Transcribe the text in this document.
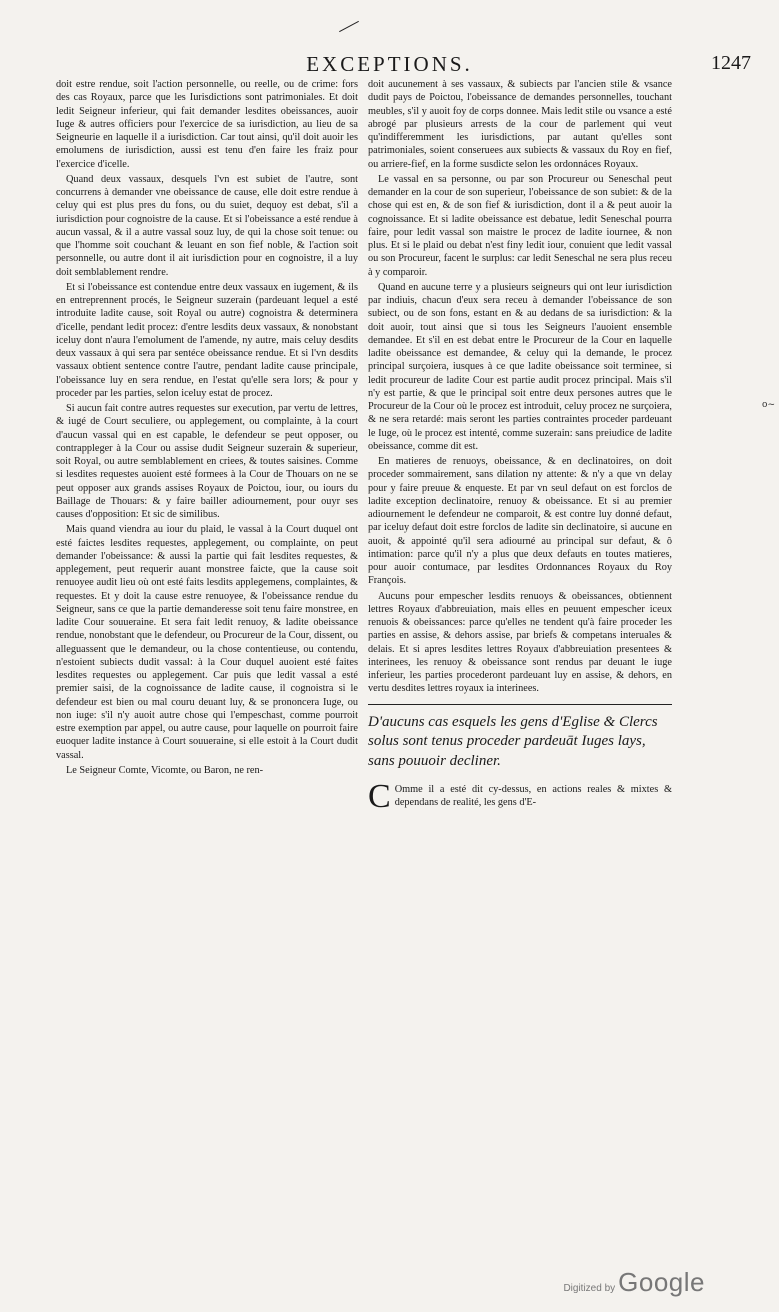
EXCEPTIONS.	1247

doit estre rendue, soit l'action personnelle, ou reelle, ou de crime: fors des cas Royaux, parce que les Iurisdictions sont patrimoniales. Et doit ledit Seigneur inferieur, qui fait demander lesdites obeissances, auoir Iuge & autres officiers pour l'exercice de sa iurisdiction, au lieu de sa Seigneurie en laquelle il a iurisdiction. Car tout ainsi, qu'il doit auoir les emolumens de iurisdiction, aussi est tenu d'en faire les fraiz pour l'exercice d'icelle.

Quand deux vassaux, desquels l'vn est subiet de l'autre, sont concurrens à demander vne obeissance de cause, elle doit estre rendue à celuy qui est plus pres du fons, ou du suiet, dequoy est debat, s'il a iurisdiction pour cognoistre de la cause. Et si l'obeissance a esté rendue à aucun vassal, & il a autre vassal souz luy, de qui la chose soit tenue: ou que l'homme soit couchant & leuant en son fief noble, & l'action soit personnelle, ou autre dont il ait iurisdiction pour en cognoistre, il a luy doit semblablement rendre.

Et si l'obeissance est contendue entre deux vassaux en iugement, & ils en entreprennent procés, le Seigneur suzerain (pardeuant lequel a esté introduite ladite cause, soit Royal ou autre) cognoistra & determinera d'icelle, pendant ledit procez: d'entre lesdits deux vassaux, & nonobstant iceluy dont n'aura l'emolument de l'amende, ny autre, mais celuy desdits deux vassaux à qui sera par sentéce obeissance rendue. Et si l'vn desdits vassaux obtient sentence contre l'autre, pendant ladite cause principale, l'obeissance luy en sera rendue, en l'estat qu'elle sera lors; & pour y proceder par les parties, selon iceluy estat de procez.

Si aucun fait contre autres requestes sur execution, par vertu de lettres, & iugé de Court seculiere, ou applegement, ou complainte, à la court d'aucun vassal qui en est capable, le defendeur se peut opposer, ou contrappleger à la Cour ou assise dudit Seigneur suzerain & superieur, soit Royal, ou autre semblablement en criees, & toutes saisines. Comme si lesdites requestes auoient esté formees à la Cour de Thouars on ne se peut opposer aux grands assises Royaux de Poictou, iour, ou iours du Baillage de Thouars: & y faire bailler adiournement, pour ouyr ses causes d'opposition: Et sic de similibus.

Mais quand viendra au iour du plaid, le vassal à la Court duquel ont esté faictes lesdites requestes, applegement, ou complainte, on peut demander l'obeissance: & aussi la partie qui fait lesdites requestes, & applegement, peut requerir auant monstree faicte, que la cause soit renuoyee audit lieu où ont esté faits lesdits applegemens, complaintes, & requestes. Et y doit la cause estre renuoyee, & l'obeissance rendue du Seigneur, sans ce que la partie demanderesse soit tenu faire monstree, en ladite Cour souueraine. Et sera fait ledit renuoy, & ladite obeissance rendue, nonobstant que le defendeur, ou Procureur de la Cour, dissent, ou alleguassent que le demandeur, ou la chose contentieuse, ou contendu, n'estoient subiects dudit vassal: à la Cour duquel auoient esté faites lesdites requestes ou applegement. Car puis que ledit vassal a esté premier saisi, de la cognoissance de ladite cause, il cognoistra si le defendeur est bien ou mal couru deuant luy, & se prononcera Iuge, ou non iuge: s'il n'y auoit autre chose qui l'empeschast, comme pourroit estre exemption par appel, ou autre cause, pour laquelle on pourroit faire euoquer ladite instance à Court souueraine, si elle estoit à la Court dudit vassal.

Le Seigneur Comte, Vicomte, ou Baron, ne ren-

doit aucunement à ses vassaux, & subiects par l'ancien stile & vsance dudit pays de Poictou, l'obeissance de demandes personnelles, touchant meubles, s'il y auoit foy de corps donnee. Mais ledit stile ou vsance a esté abrogé par plusieurs arrests de la cour de parlement qui veut qu'indifferemment les iurisdictions, par autant qu'elles sont patrimoniales, soient conseruees aux subiects & vassaux du Roy en fief, ou arriere-fief, en la forme susdicte selon les ordonnáces Royaux.

Le vassal en sa personne, ou par son Procureur ou Seneschal peut demander en la cour de son superieur, l'obeissance de son subiet: & de la chose qui est en, & de son fief & iurisdiction, dont il a & peut auoir la cognoissance. Et si ladite obeissance est debatue, ledit Seneschal pourra faire, pour ledit vassal son maistre le procez de ladite iournee, & non plus. Et si le plaid ou debat n'est finy ledit iour, conuient que ledit vassal ou son Procureur, facent le surplus: car ledit Seneschal ne sera plus receu à y comparoir.

Quand en aucune terre y a plusieurs seigneurs qui ont leur iurisdiction par indiuis, chacun d'eux sera receu à demander l'obeissance de son subiect, ou de son fons, estant en & au dedans de sa iurisdiction: & la doit auoir, tout ainsi que si tous les Seigneurs l'auoient ensemble demandee. Et s'il en est debat entre le Procureur de la Cour en laquelle ladite obeissance est demandee, & celuy qui la demande, le procez principal surçoiera, iusques à ce que ladite obeissance soit terminee, si ledit procureur de ladite Cour est partie audit procez principal. Mais s'il n'y est partie, & que le principal soit entre deux persones autres que le Procureur de la Cour où le procez est introduit, celuy procez ne surçoiera, & ne sera retardé: mais seront les parties contraintes proceder pardeuant le Iuge, où le procez est intenté, comme suzerain: sans preiudice de ladite obeissance, comme dit est.

En matieres de renuoys, obeissance, & en declinatoires, on doit proceder sommairement, sans dilation ny attente: & n'y a que vn delay pour y faire preuue & enqueste. Et par vn seul defaut on est forclos de ladite exception declinatoire, renuoy & obeissance. Et si au premier adiournement le defendeur ne comparoit, & est contre luy donné defaut, par iceluy defaut doit estre forclos de ladite sin declinatoire, si aucune en auoit, & appointé qu'il sera adiourné au principal sur defaut, & ô intimation: parce qu'il n'y a plus que deux defauts en toutes matieres, pour auoir contumace, par lesdites Ordonnances Royaux du Roy François.

Aucuns pour empescher lesdits renuoys & obeissances, obtiennent lettres Royaux d'abbreuiation, mais elles en peuuent empescher iceux renuois & obeissances: parce qu'elles ne tendent qu'à faire proceder les parties en assise, & dehors assise, par briefs & competans interuales & delais. Et si apres lesdites lettres Royaux d'abbreuiation presentees & interinees, les renuoy & obeissance sont rendus par deuant le iuge inferieur, les parties procederont pardeuant luy en assise, & dehors, en vertu desdites lettres royaux ia interinees.

D'aucuns cas esquels les gens d'Eglise & Clercs solus sont tenus proceder pardeuāt Iuges lays, sans pouuoir decliner.

C Omme il a esté dit cy-dessus, en actions reales & mixtes & dependans de realité, les gens d'E-

o~
Digitized by Google
